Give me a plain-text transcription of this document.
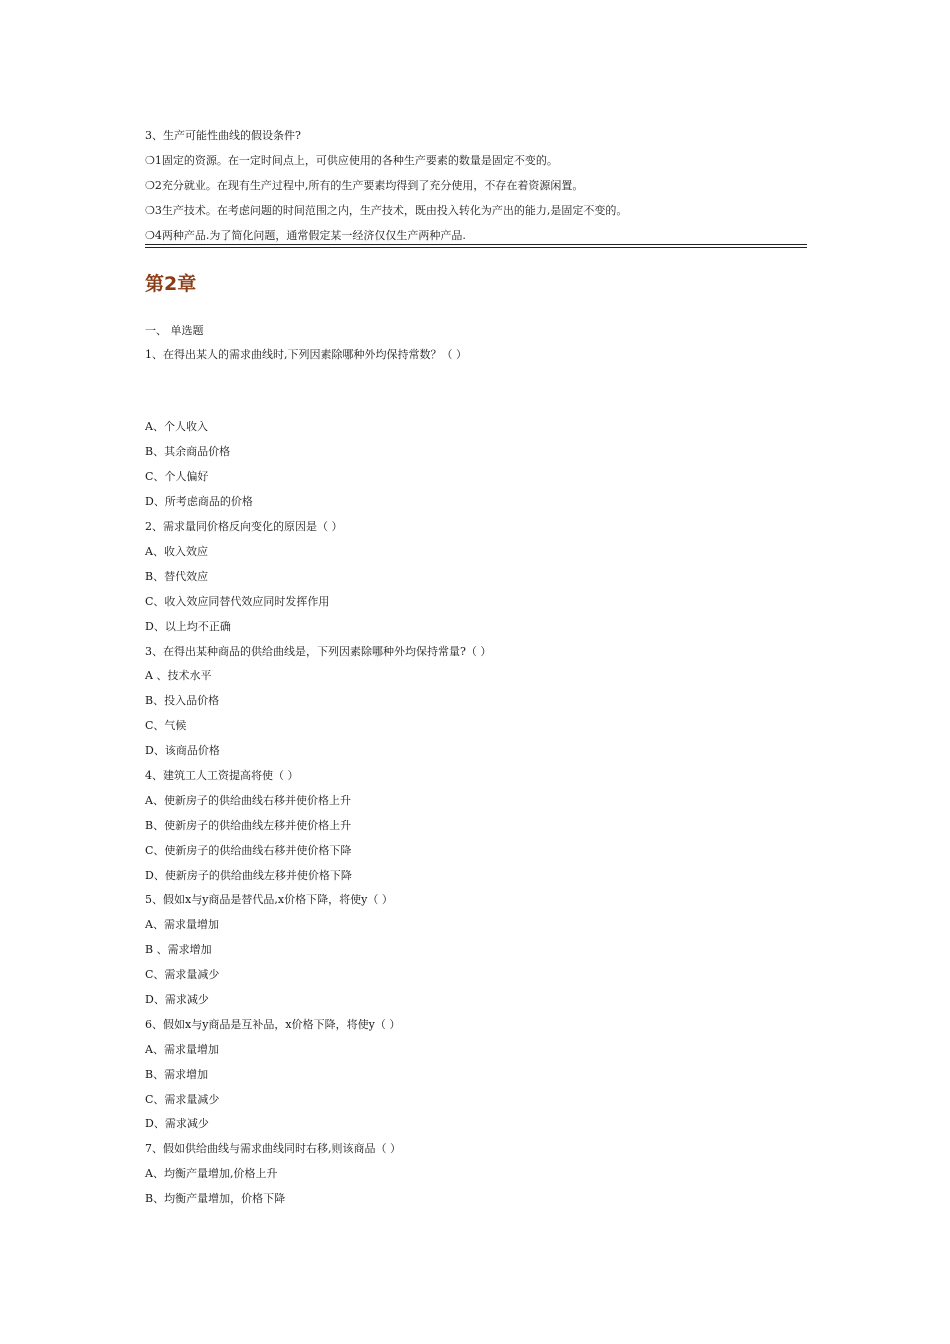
3、生产可能性曲线的假设条件?
❍1固定的资源。在一定时间点上，可供应使用的各种生产要素的数量是固定不变的。
❍2充分就业。在现有生产过程中,所有的生产要素均得到了充分使用，不存在着资源闲置。
❍3生产技术。在考虑问题的时间范围之内，生产技术，既由投入转化为产出的能力,是固定不变的。
❍4两种产品.为了简化问题，通常假定某一经济仅仅生产两种产品.
第2章
一、 单选题
1、在得出某人的需求曲线时,下列因素除哪种外均保持常数？（ ）
A、个人收入
B、其余商品价格
C、个人偏好
D、所考虑商品的价格
2、需求量同价格反向变化的原因是（ ）
A、收入效应
B、替代效应
C、收入效应同替代效应同时发挥作用
D、以上均不正确
3、在得出某种商品的供给曲线是，下列因素除哪种外均保持常量?（ ）
A 、技术水平
B、投入品价格
C、气候
D、该商品价格
4、建筑工人工资提高将使（ ）
A、使新房子的供给曲线右移并使价格上升
B、使新房子的供给曲线左移并使价格上升
C、使新房子的供给曲线右移并使价格下降
D、使新房子的供给曲线左移并使价格下降
5、假如x与y商品是替代品,x价格下降，将使y（ ）
A、需求量增加
B 、需求增加
C、需求量减少
D、需求减少
6、假如x与y商品是互补品，x价格下降，将使y（ ）
A、需求量增加
B、需求增加
C、需求量减少
D、需求减少
7、假如供给曲线与需求曲线同时右移,则该商品（ ）
A、均衡产量增加,价格上升
B、均衡产量增加，价格下降
